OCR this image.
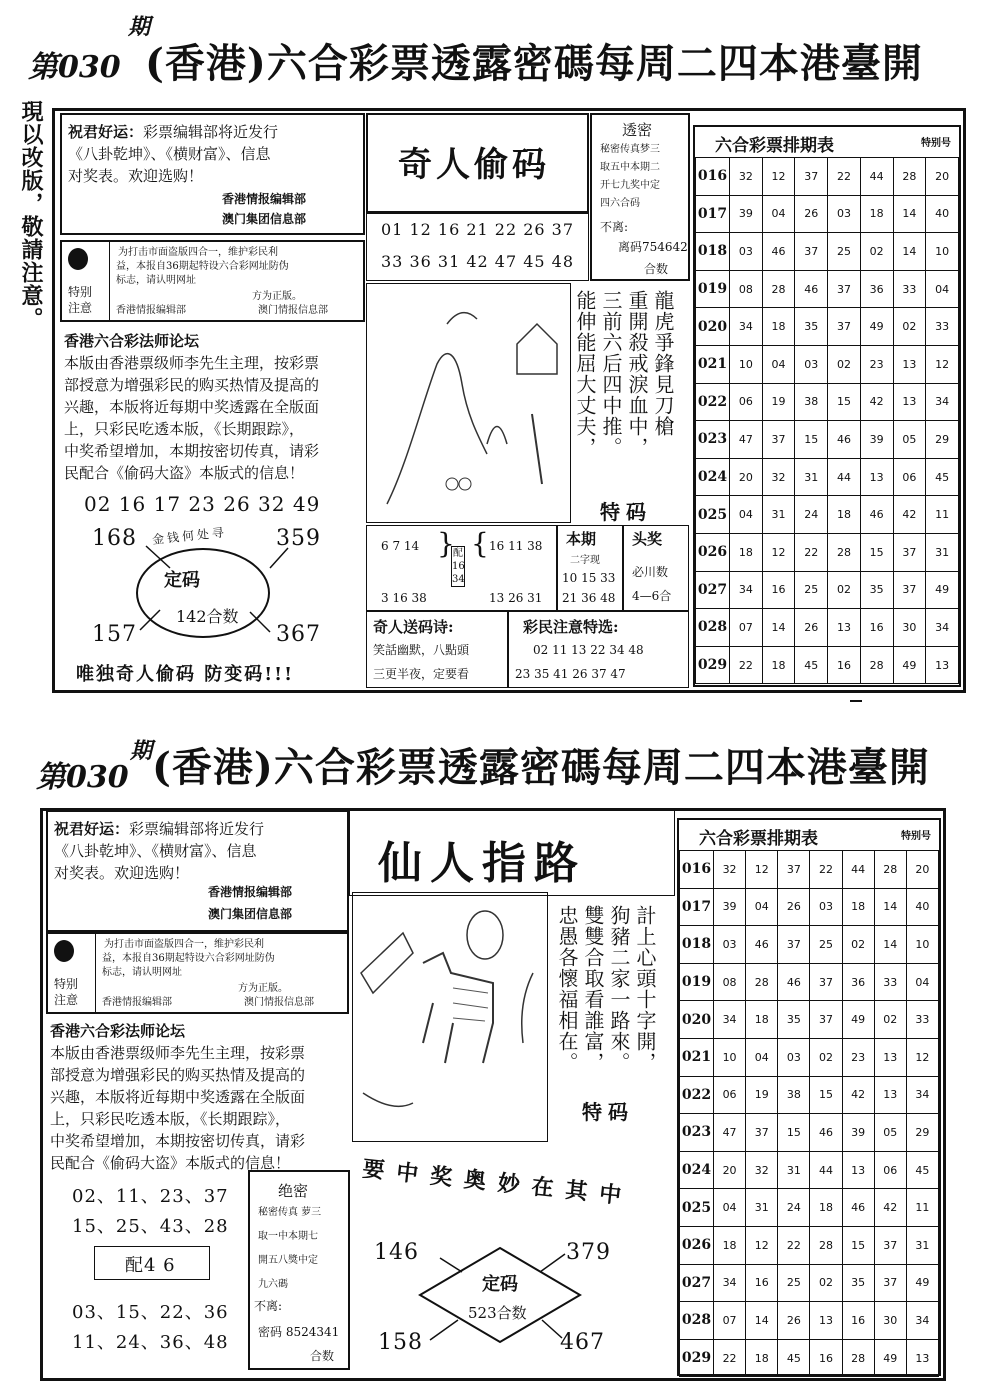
第030
期
(香港)六合彩票透露密碼每周二四本港臺開
現以改版，敬請注意。 祝君好运：彩票编辑部将近发行
《八卦乾坤》、《横财富》、信息
对奖表。欢迎选购！
香港情报编辑部
澳门集团信息部
特别
注意
为打击市面盗版四合一，维护彩民利
益，本报自36期起特设六合彩网址防伪
标志，请认明网址
方为正版。
香港情报编辑部	澳门情报信息部
香港六合彩法师论坛
本版由香港票级师李先生主理，按彩票
部授意为增强彩民的购买热情及提高的
兴趣，本版将近每期中奖透露在全版面
上，只彩民吃透本版，《长期跟踪》，
中奖希望增加，本期按密切传真，请彩
民配合《偷码大盗》本版式的信息！
02 16 17 23 26 32 49
168	359
157	367
金钱何处寻
定码
142合数
唯独奇人偷码 防变码!!!
奇人偷码
01 12 16 21 22 26 37
33 36 31 42 47 45 48
透密
秘密传真梦三
取五中本期二
开七九奖中定
四六合码
不离:
离码754642
合数
龍虎爭鋒見刀槍
重開殺戒淚血中，
三前六后四中推。
能伸能屈大丈夫，
特码
6 7 14
3 16 38
}
配16 34
{ 16 11 38
13 26 31
本期
二字现
10 15 33
21 36 48
头奖
必川数
4—6合
奇人送码诗:
笑話幽默，八點頭
三更半夜，定要看
彩民注意特选:
02 11 13 22 34 48
23 35 41 26 37 47
六合彩票排期表	特别号
016	32	12	37	22	44	28	20
017	39	04	26	03	18	14	40
018	03	46	37	25	02	14	10
019	08	28	46	37	36	33	04
020	34	18	35	37	49	02	33
021	10	04	03	02	23	13	12
022	06	19	38	15	42	13	34
023	47	37	15	46	39	05	29
024	20	32	31	44	13	06	45
025	04	31	24	18	46	42	11
026	18	12	22	28	15	37	31
027	34	16	25	02	35	37	49
028	07	14	26	13	16	30	34
029	22	18	45	16	28	49	13
第030
期 (香港)六合彩票透露密碼每周二四本港臺開
祝君好运：彩票编辑部将近发行
《八卦乾坤》、《横财富》、信息
对奖表。欢迎选购！
香港情报编辑部
澳门集团信息部
特别
注意
为打击市面盗版四合一，维护彩民利
益，本报自36期起特设六合彩网址防伪
标志，请认明网址
方为正版。
香港情报编辑部	澳门情报信息部
香港六合彩法师论坛
本版由香港票级师李先生主理，按彩票
部授意为增强彩民的购买热情及提高的
兴趣，本版将近每期中奖透露在全版面
上，只彩民吃透本版，《长期跟踪》，
中奖希望增加，本期按密切传真，请彩
民配合《偷码大盗》本版式的信息！
仙人指路
計上心頭十字開，
狗豬二家一路來。
雙雙合取看誰富，
忠愚各懷福相在。
特码
02、11、23、37
15、25、43、28
配4 6
03、15、22、36
11、24、36、48
绝密
秘密传真 萝三
取一中本期七
開五八獎中定
九六碼
不离:
密码 8524341
合数
要中奖奥妙在其中
146	379
158	467
定码
523合数
六合彩票排期表	特别号
016	32	12	37	22	44	28	20
017	39	04	26	03	18	14	40
018	03	46	37	25	02	14	10
019	08	28	46	37	36	33	04
020	34	18	35	37	49	02	33
021	10	04	03	02	23	13	12
022	06	19	38	15	42	13	34
023	47	37	15	46	39	05	29
024	20	32	31	44	13	06	45
025	04	31	24	18	46	42	11
026	18	12	22	28	15	37	31
027	34	16	25	02	35	37	49
028	07	14	26	13	16	30	34
029	22	18	45	16	28	49	13
